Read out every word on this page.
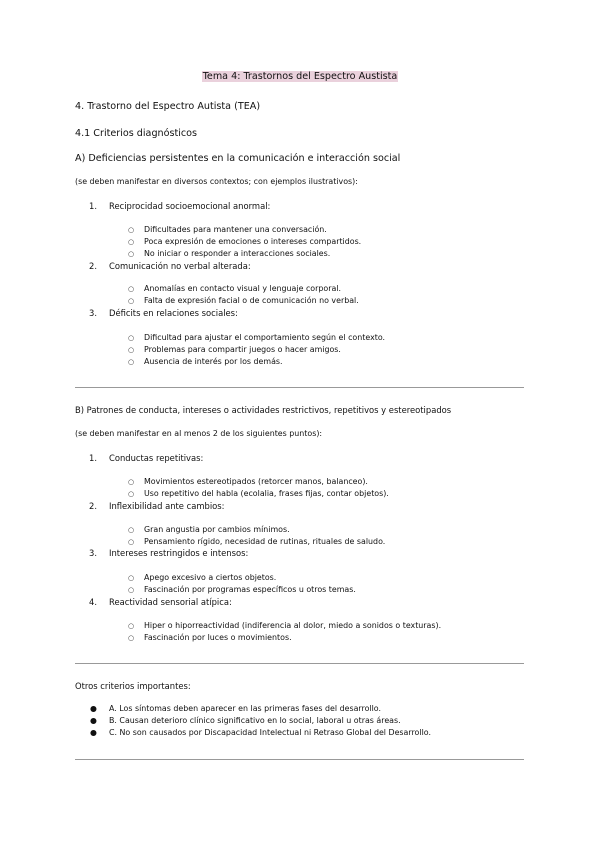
Tema 4: Trastornos del Espectro Austista
4. Trastorno del Espectro Autista (TEA)
4.1 Criterios diagnósticos
A) Deficiencias persistentes en la comunicación e interacción social
(se deben manifestar en diversos contextos; con ejemplos ilustrativos):
1. Reciprocidad socioemocional anormal:
○ Dificultades para mantener una conversación.
○ Poca expresión de emociones o intereses compartidos.
○ No iniciar o responder a interacciones sociales.
2. Comunicación no verbal alterada:
○ Anomalías en contacto visual y lenguaje corporal.
○ Falta de expresión facial o de comunicación no verbal.
3. Déficits en relaciones sociales:
○ Dificultad para ajustar el comportamiento según el contexto.
○ Problemas para compartir juegos o hacer amigos.
○ Ausencia de interés por los demás.
B) Patrones de conducta, intereses o actividades restrictivos, repetitivos y estereotipados
(se deben manifestar en al menos 2 de los siguientes puntos):
1. Conductas repetitivas:
○ Movimientos estereotipados (retorcer manos, balanceo).
○ Uso repetitivo del habla (ecolalia, frases fijas, contar objetos).
2. Inflexibilidad ante cambios:
○ Gran angustia por cambios mínimos.
○ Pensamiento rígido, necesidad de rutinas, rituales de saludo.
3. Intereses restringidos e intensos:
○ Apego excesivo a ciertos objetos.
○ Fascinación por programas específicos u otros temas.
4. Reactividad sensorial atípica:
○ Hiper o hiporreactividad (indiferencia al dolor, miedo a sonidos o texturas).
○ Fascinación por luces o movimientos.
Otros criterios importantes:
● A. Los síntomas deben aparecer en las primeras fases del desarrollo.
● B. Causan deterioro clínico significativo en lo social, laboral u otras áreas.
● C. No son causados por Discapacidad Intelectual ni Retraso Global del Desarrollo.
